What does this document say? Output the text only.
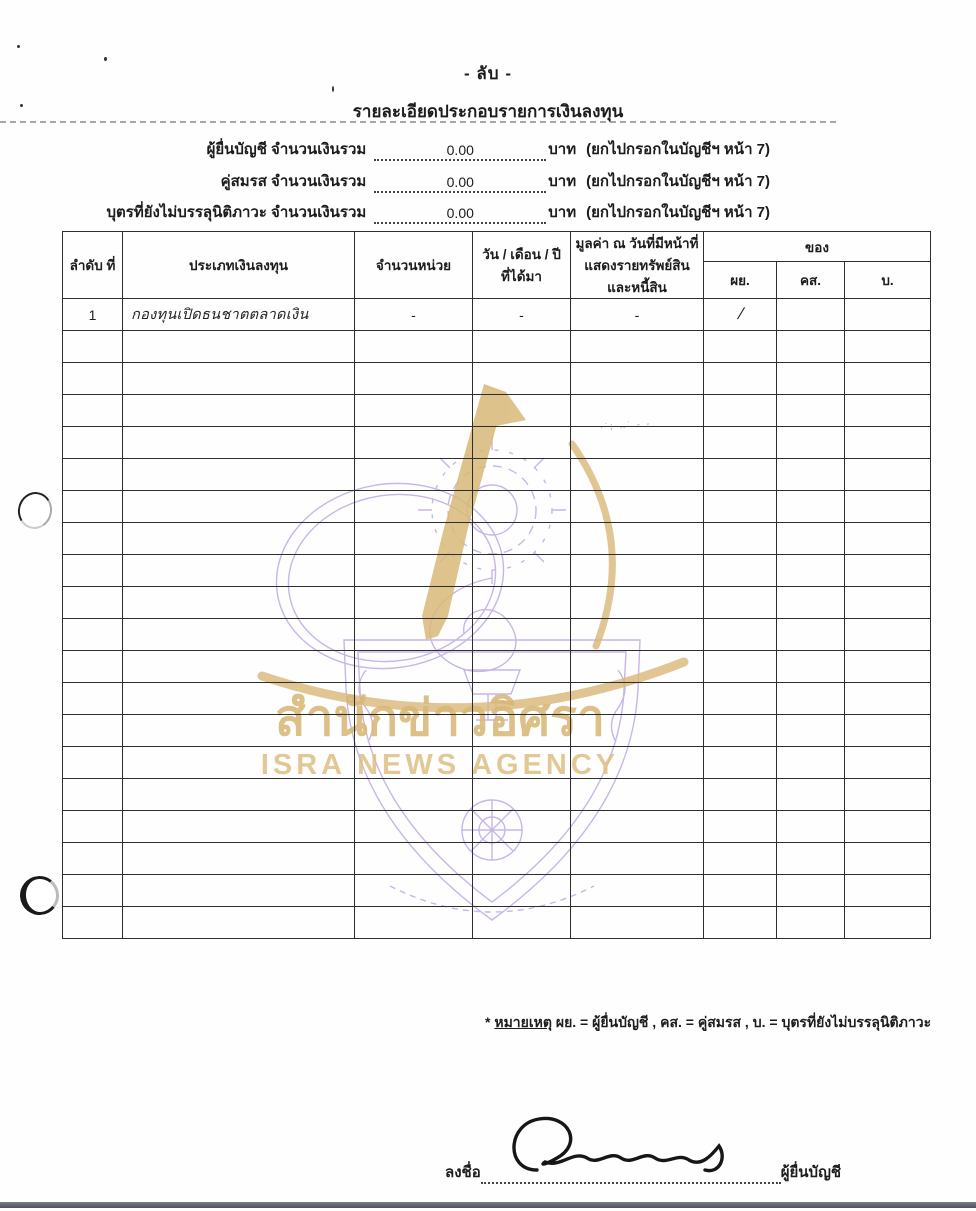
·˙;·‥˙ ‐ ‑
- ลับ -
รายละเอียดประกอบรายการเงินลงทุน
ผู้ยื่นบัญชี จำนวนเงินรวม	0.00	บาท (ยกไปกรอกในบัญชีฯ หน้า 7)
คู่สมรส จำนวนเงินรวม	0.00	บาท (ยกไปกรอกในบัญชีฯ หน้า 7)
บุตรที่ยังไม่บรรลุนิติภาวะ จำนวนเงินรวม	0.00	บาท (ยกไปกรอกในบัญชีฯ หน้า 7)
สำนักข่าวอิศรา
ISRA NEWS AGENCY
ลำดับ ที่	ประเภทเงินลงทุน	จำนวนหน่วย	วัน / เดือน / ปี ที่ได้มา	มูลค่า ณ วันที่มีหน้าที่แสดงรายทรัพย์สินและหนี้สิน	ของ		
					ผย.	คส.	บ.
1	กองทุนเปิดธนชาตตลาดเงิน	-	-	-	/		

* หมายเหตุ ผย. = ผู้ยื่นบัญชี , คส. = คู่สมรส , บ. = บุตรที่ยังไม่บรรลุนิติภาวะ
ลงชื่อ	ผู้ยื่นบัญชี
